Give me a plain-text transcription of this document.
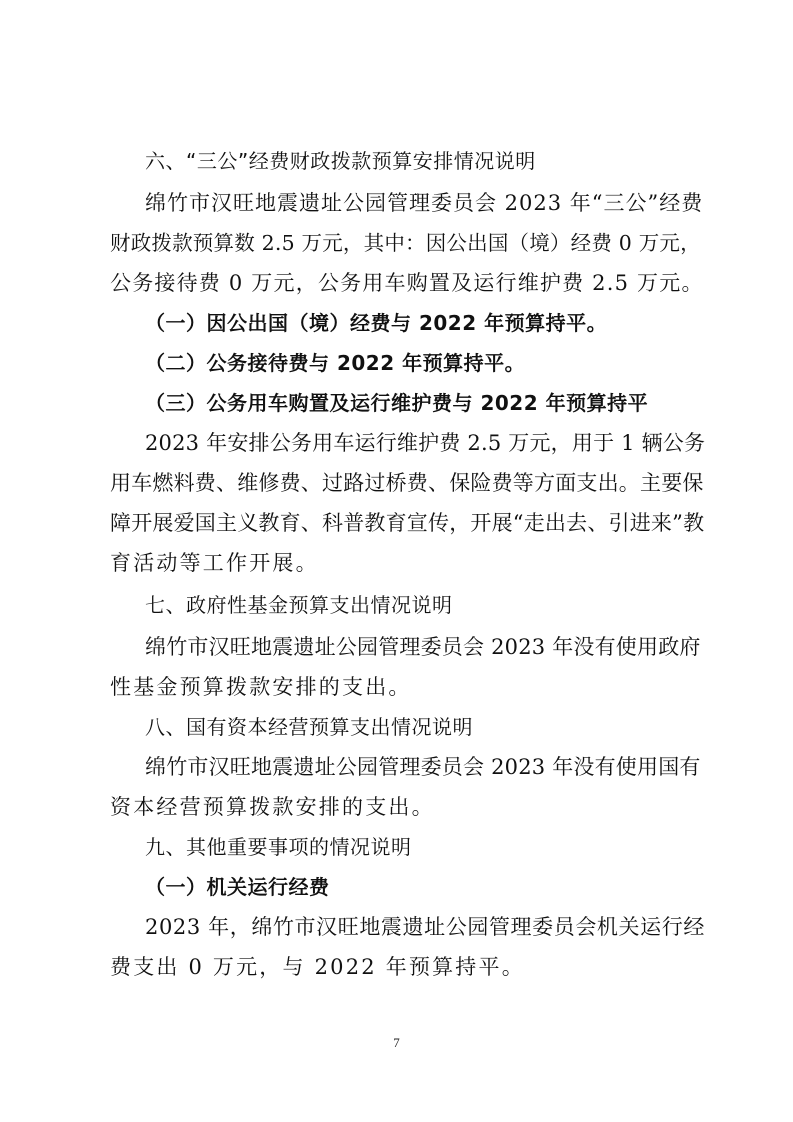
六、“三公”经费财政拨款预算安排情况说明
绵竹市汉旺地震遗址公园管理委员会 2023 年“三公”经费
财政拨款预算数 2.5 万元，其中：因公出国（境）经费 0 万元，
公务接待费 0 万元，公务用车购置及运行维护费 2.5 万元。
（一）因公出国（境）经费与 2022 年预算持平。
（二）公务接待费与 2022 年预算持平。
（三）公务用车购置及运行维护费与 2022 年预算持平
2023 年安排公务用车运行维护费 2.5 万元，用于 1 辆公务
用车燃料费、维修费、过路过桥费、保险费等方面支出。主要保
障开展爱国主义教育、科普教育宣传，开展“走出去、引进来”教
育活动等工作开展。
七、政府性基金预算支出情况说明
绵竹市汉旺地震遗址公园管理委员会 2023 年没有使用政府
性基金预算拨款安排的支出。
八、国有资本经营预算支出情况说明
绵竹市汉旺地震遗址公园管理委员会 2023 年没有使用国有
资本经营预算拨款安排的支出。
九、其他重要事项的情况说明
（一）机关运行经费
2023 年，绵竹市汉旺地震遗址公园管理委员会机关运行经
费支出 0 万元，与 2022 年预算持平。
7
